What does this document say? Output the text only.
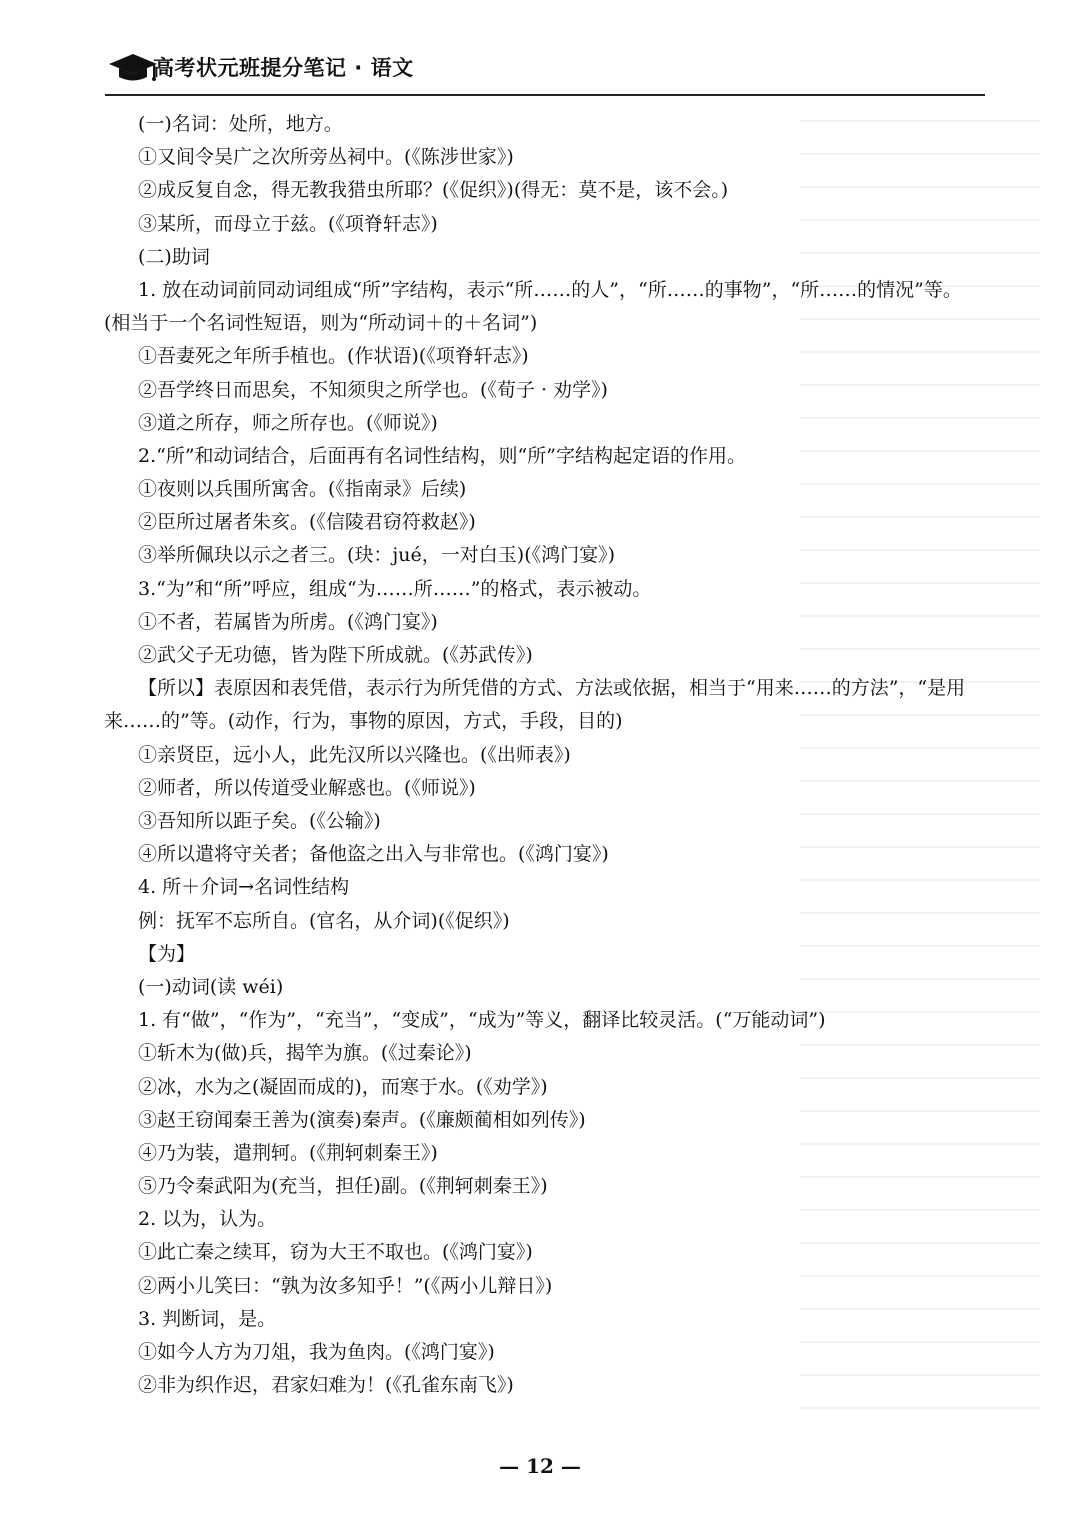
高考状元班提分笔记 · 语文
(一)名词：处所，地方。
①又间令吴广之次所旁丛祠中。(《陈涉世家》)
②成反复自念，得无教我猎虫所耶？(《促织》)(得无：莫不是，该不会。)
③某所，而母立于兹。(《项脊轩志》)
(二)助词
1. 放在动词前同动词组成“所”字结构，表示“所……的人”，“所……的事物”，“所……的情况”等。(相当于一个名词性短语，则为“所动词＋的＋名词”)
①吾妻死之年所手植也。(作状语)(《项脊轩志》)
②吾学终日而思矣，不知须臾之所学也。(《荀子 · 劝学》)
③道之所存，师之所存也。(《师说》)
2.“所”和动词结合，后面再有名词性结构，则“所”字结构起定语的作用。
①夜则以兵围所寓舍。(《指南录》后续)
②臣所过屠者朱亥。(《信陵君窃符救赵》)
③举所佩玦以示之者三。(玦：jué，一对白玉)(《鸿门宴》)
3.“为”和“所”呼应，组成“为……所……”的格式，表示被动。
①不者，若属皆为所虏。(《鸿门宴》)
②武父子无功德，皆为陛下所成就。(《苏武传》)
【所以】表原因和表凭借，表示行为所凭借的方式、方法或依据，相当于“用来……的方法”，“是用来……的”等。(动作，行为，事物的原因，方式，手段，目的)
①亲贤臣，远小人，此先汉所以兴隆也。(《出师表》)
②师者，所以传道受业解惑也。(《师说》)
③吾知所以距子矣。(《公输》)
④所以遣将守关者；备他盗之出入与非常也。(《鸿门宴》)
4. 所＋介词→名词性结构
例：抚军不忘所自。(官名，从介词)(《促织》)
【为】
(一)动词(读 wéi)
1. 有“做”，“作为”，“充当”，“变成”，“成为”等义，翻译比较灵活。(“万能动词”)
①斩木为(做)兵，揭竿为旗。(《过秦论》)
②冰，水为之(凝固而成的)，而寒于水。(《劝学》)
③赵王窃闻秦王善为(演奏)秦声。(《廉颇蔺相如列传》)
④乃为装，遣荆轲。(《荆轲刺秦王》)
⑤乃令秦武阳为(充当，担任)副。(《荆轲刺秦王》)
2. 以为，认为。
①此亡秦之续耳，窃为大王不取也。(《鸿门宴》)
②两小儿笑曰：“孰为汝多知乎！”(《两小儿辩日》)
3. 判断词，是。
①如今人方为刀俎，我为鱼肉。(《鸿门宴》)
②非为织作迟，君家妇难为！(《孔雀东南飞》)
— 12 —
